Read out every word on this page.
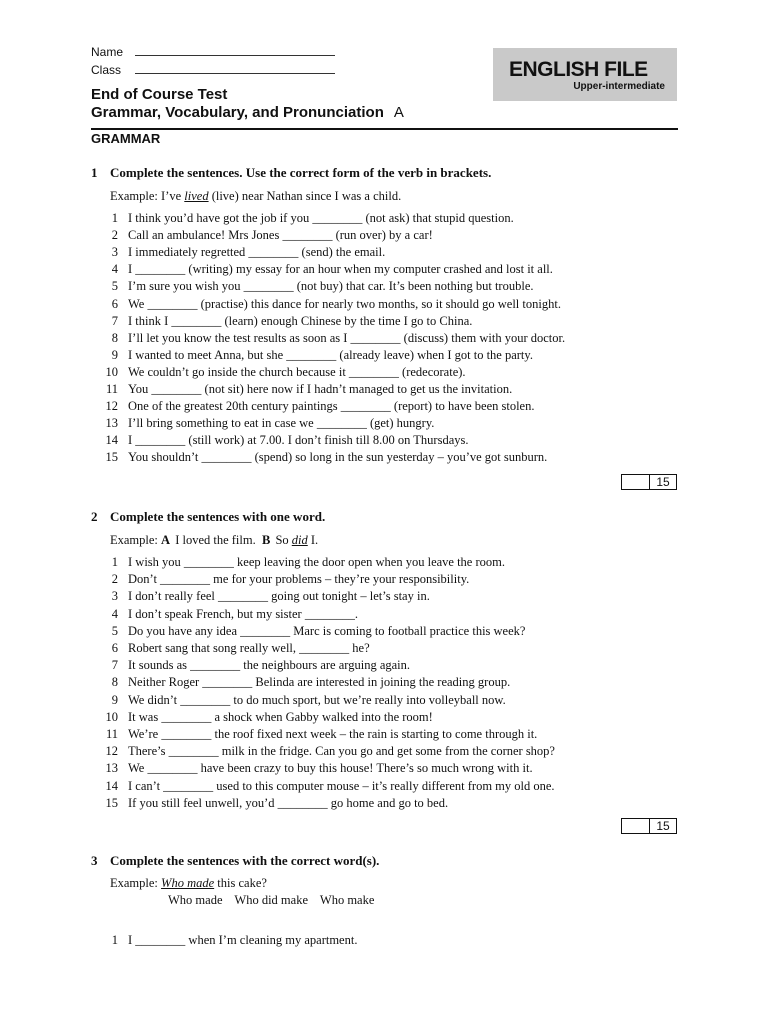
Name
Class	ENGLISH FILE
Upper-intermediate
End of Course Test
Grammar, Vocabulary, and Pronunciation A
GRAMMAR
1 Complete the sentences. Use the correct form of the verb in brackets.
Example: I’ve lived (live) near Nathan since I was a child.
1 I think you’d have got the job if you ________ (not ask) that stupid question.
2 Call an ambulance! Mrs Jones ________ (run over) by a car!
3 I immediately regretted ________ (send) the email.
4 I ________ (writing) my essay for an hour when my computer crashed and lost it all.
5 I’m sure you wish you ________ (not buy) that car. It’s been nothing but trouble.
6 We ________ (practise) this dance for nearly two months, so it should go well tonight.
7 I think I ________ (learn) enough Chinese by the time I go to China.
8 I’ll let you know the test results as soon as I ________ (discuss) them with your doctor.
9 I wanted to meet Anna, but she ________ (already leave) when I got to the party.
10 We couldn’t go inside the church because it ________ (redecorate).
11 You ________ (not sit) here now if I hadn’t managed to get us the invitation.
12 One of the greatest 20th century paintings ________ (report) to have been stolen.
13 I’ll bring something to eat in case we ________ (get) hungry.
14 I ________ (still work) at 7.00. I don’t finish till 8.00 on Thursdays.
15 You shouldn’t ________ (spend) so long in the sun yesterday – you’ve got sunburn.
15
2 Complete the sentences with one word.
Example: A I loved the film. B So did I.
1 I wish you ________ keep leaving the door open when you leave the room.
2 Don’t ________ me for your problems – they’re your responsibility.
3 I don’t really feel ________ going out tonight – let’s stay in.
4 I don’t speak French, but my sister ________.
5 Do you have any idea ________ Marc is coming to football practice this week?
6 Robert sang that song really well, ________ he?
7 It sounds as ________ the neighbours are arguing again.
8 Neither Roger ________ Belinda are interested in joining the reading group.
9 We didn’t ________ to do much sport, but we’re really into volleyball now.
10 It was ________ a shock when Gabby walked into the room!
11 We’re ________ the roof fixed next week – the rain is starting to come through it.
12 There’s ________ milk in the fridge. Can you go and get some from the corner shop?
13 We ________ have been crazy to buy this house! There’s so much wrong with it.
14 I can’t ________ used to this computer mouse – it’s really different from my old one.
15 If you still feel unwell, you’d ________ go home and go to bed.
15
3 Complete the sentences with the correct word(s).
Example: Who made this cake?
Who made Who did make Who make
1 I ________ when I’m cleaning my apartment.
